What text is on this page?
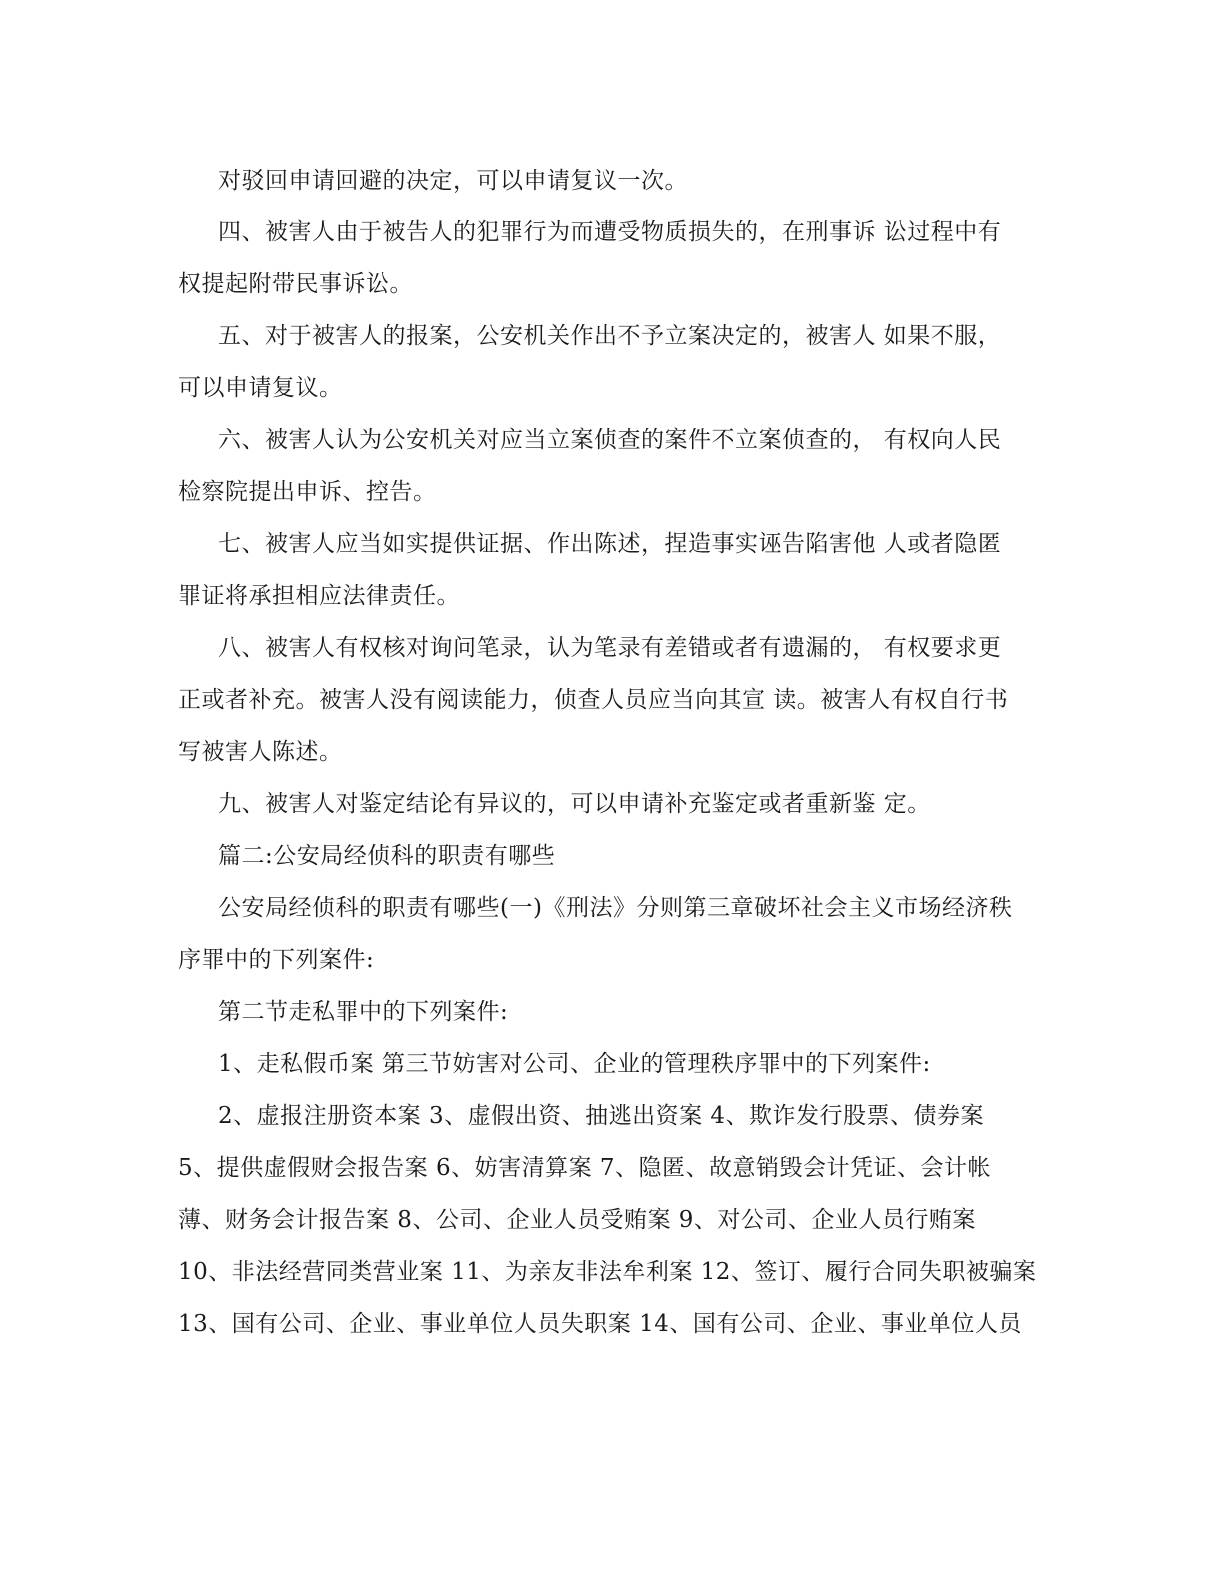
对驳回申请回避的决定，可以申请复议一次。
四、被害人由于被告人的犯罪行为而遭受物质损失的，在刑事诉 讼过程中有
权提起附带民事诉讼。
五、对于被害人的报案，公安机关作出不予立案决定的，被害人 如果不服，
可以申请复议。
六、被害人认为公安机关对应当立案侦查的案件不立案侦查的， 有权向人民
检察院提出申诉、控告。
七、被害人应当如实提供证据、作出陈述，捏造事实诬告陷害他 人或者隐匿
罪证将承担相应法律责任。
八、被害人有权核对询问笔录，认为笔录有差错或者有遗漏的， 有权要求更
正或者补充。被害人没有阅读能力，侦查人员应当向其宣 读。被害人有权自行书
写被害人陈述。
九、被害人对鉴定结论有异议的，可以申请补充鉴定或者重新鉴 定。
篇二:公安局经侦科的职责有哪些
公安局经侦科的职责有哪些(一)《刑法》分则第三章破坏社会主义市场经济秩
序罪中的下列案件:
第二节走私罪中的下列案件:
1、走私假币案 第三节妨害对公司、企业的管理秩序罪中的下列案件:
2、虚报注册资本案 3、虚假出资、抽逃出资案 4、欺诈发行股票、债券案
5、提供虚假财会报告案 6、妨害清算案 7、隐匿、故意销毁会计凭证、会计帐
薄、财务会计报告案 8、公司、企业人员受贿案 9、对公司、企业人员行贿案
10、非法经营同类营业案 11、为亲友非法牟利案 12、签订、履行合同失职被骗案
13、国有公司、企业、事业单位人员失职案 14、国有公司、企业、事业单位人员
